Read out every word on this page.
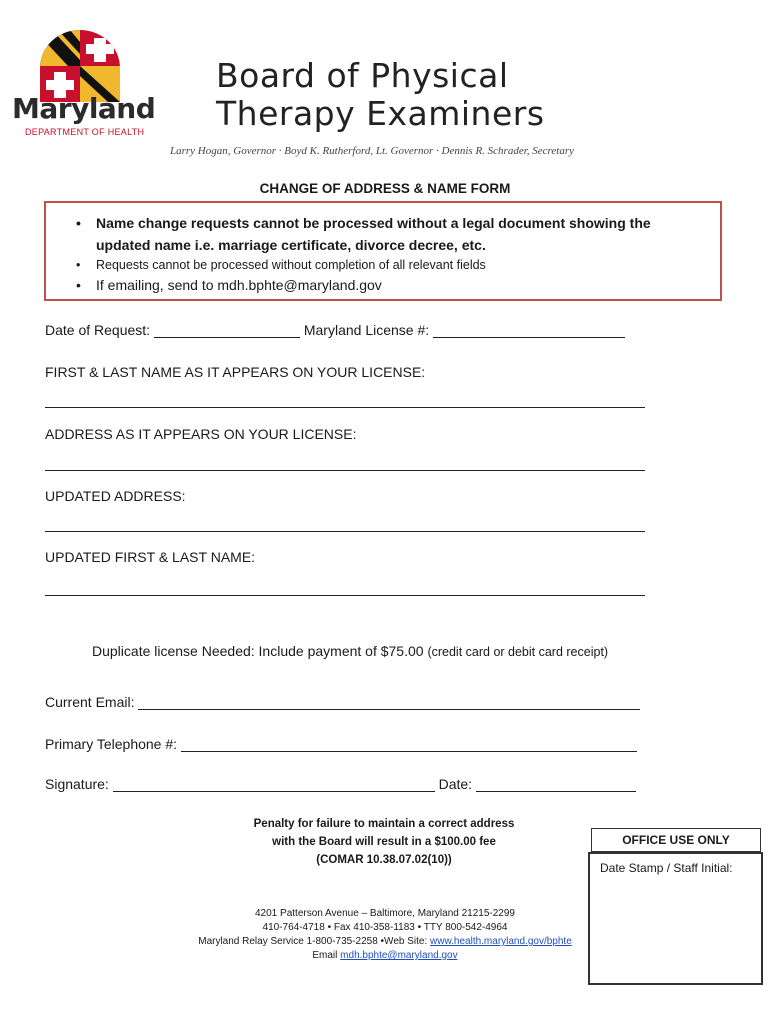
Maryland
DEPARTMENT OF HEALTH
Board of Physical
Therapy Examiners
Larry Hogan, Governor · Boyd K. Rutherford, Lt. Governor · Dennis R. Schrader, Secretary
CHANGE OF ADDRESS & NAME FORM
• Name change requests cannot be processed without a legal document showing the
updated name i.e. marriage certificate, divorce decree, etc.
• Requests cannot be processed without completion of all relevant fields
• If emailing, send to mdh.bphte@maryland.gov
Date of Request:	Maryland License #:
FIRST & LAST NAME AS IT APPEARS ON YOUR LICENSE:
ADDRESS AS IT APPEARS ON YOUR LICENSE:
UPDATED ADDRESS:
UPDATED FIRST & LAST NAME:
Duplicate license Needed: Include payment of $75.00 (credit card or debit card receipt)
Current Email:
Primary Telephone #:
Signature:	Date:
Penalty for failure to maintain a correct address
with the Board will result in a $100.00 fee
(COMAR 10.38.07.02(10))
OFFICE USE ONLY
Date Stamp / Staff Initial:
4201 Patterson Avenue – Baltimore, Maryland 21215-2299
410-764-4718 • Fax 410-358-1183 • TTY 800-542-4964
Maryland Relay Service 1-800-735-2258 •Web Site: www.health.maryland.gov/bphte
Email mdh.bphte@maryland.gov
